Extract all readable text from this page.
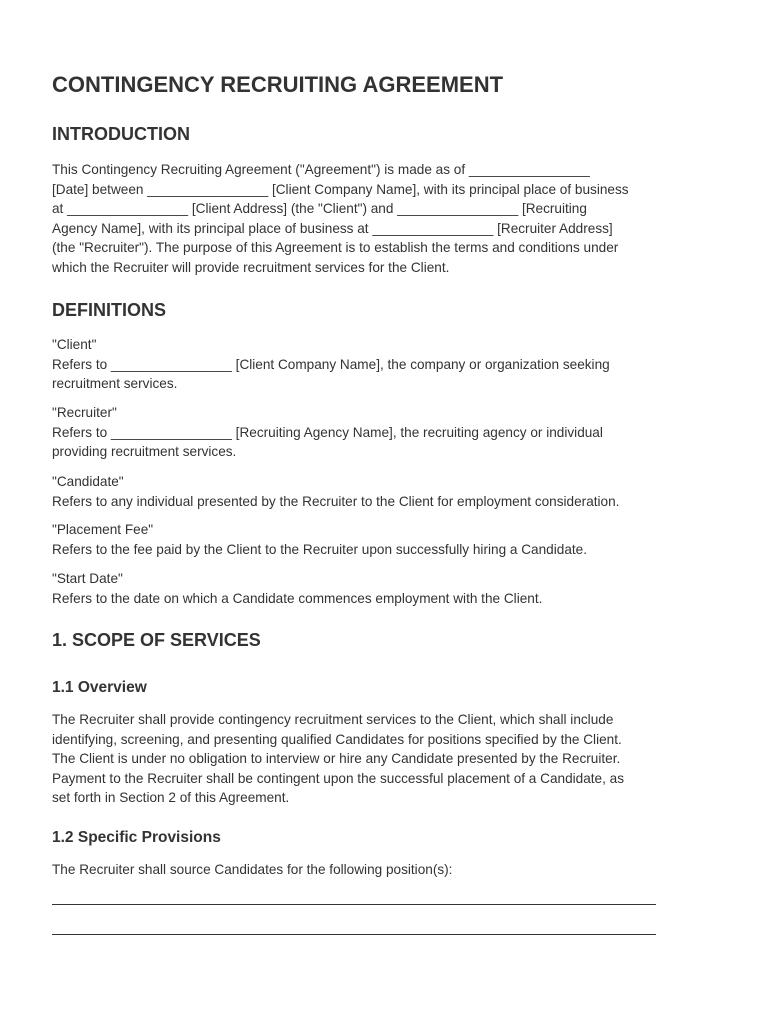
CONTINGENCY RECRUITING AGREEMENT
INTRODUCTION

This Contingency Recruiting Agreement ("Agreement") is made as of ________________
[Date] between ________________ [Client Company Name], with its principal place of business
at ________________ [Client Address] (the "Client") and ________________ [Recruiting
Agency Name], with its principal place of business at ________________ [Recruiter Address]
(the "Recruiter"). The purpose of this Agreement is to establish the terms and conditions under
which the Recruiter will provide recruitment services for the Client.

DEFINITIONS

"Client"
Refers to ________________ [Client Company Name], the company or organization seeking
recruitment services.

"Recruiter"
Refers to ________________ [Recruiting Agency Name], the recruiting agency or individual
providing recruitment services.

"Candidate"
Refers to any individual presented by the Recruiter to the Client for employment consideration.

"Placement Fee"
Refers to the fee paid by the Client to the Recruiter upon successfully hiring a Candidate.

"Start Date"
Refers to the date on which a Candidate commences employment with the Client.

1. SCOPE OF SERVICES
1.1 Overview

The Recruiter shall provide contingency recruitment services to the Client, which shall include
identifying, screening, and presenting qualified Candidates for positions specified by the Client.
The Client is under no obligation to interview or hire any Candidate presented by the Recruiter.
Payment to the Recruiter shall be contingent upon the successful placement of a Candidate, as
set forth in Section 2 of this Agreement.

1.2 Specific Provisions

The Recruiter shall source Candidates for the following position(s):
